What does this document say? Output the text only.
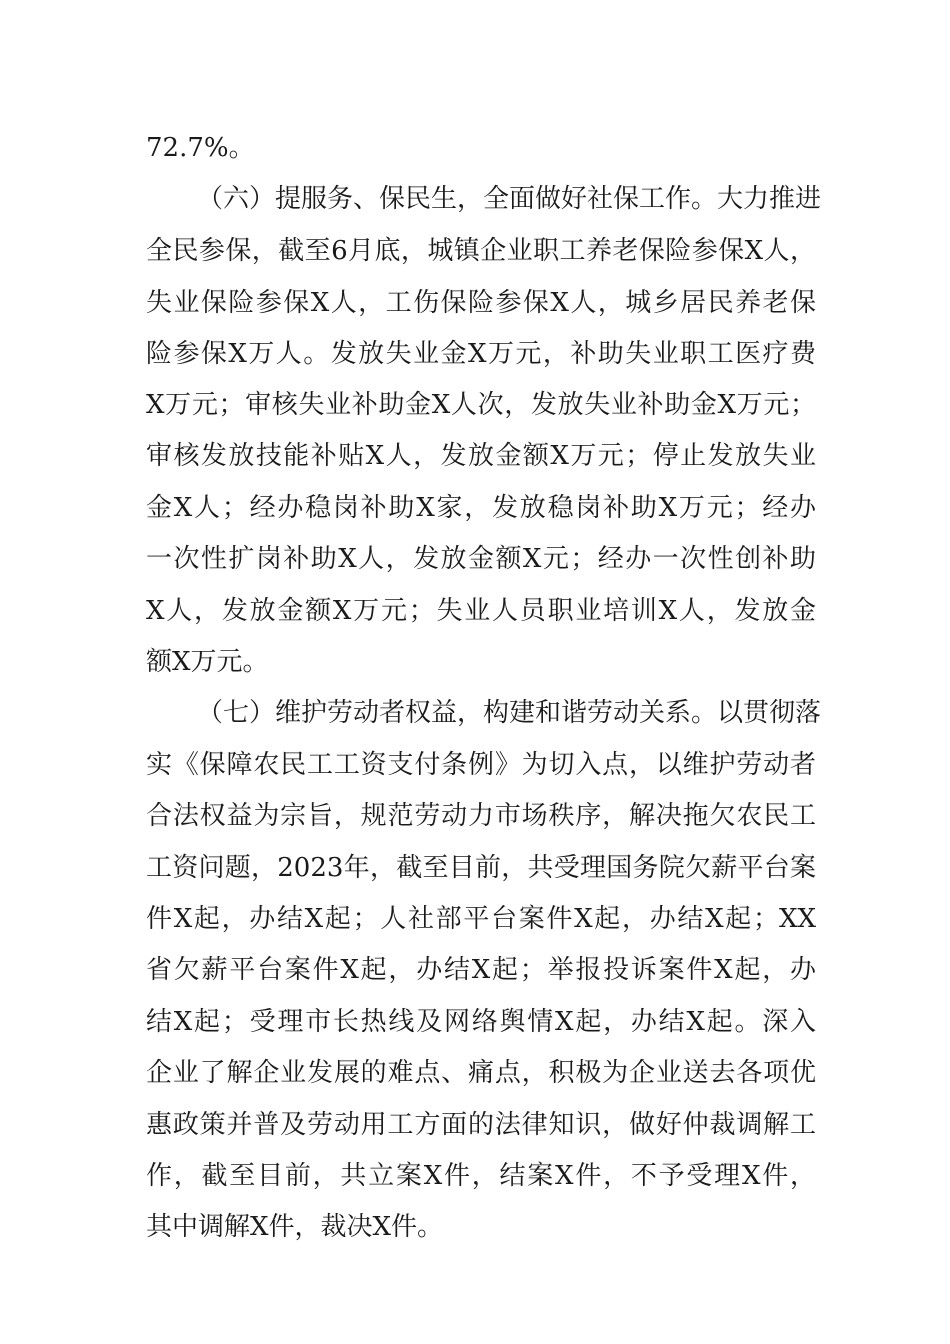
72.7%。
（六）提服务、保民生，全面做好社保工作。大力推进
全民参保，截至6月底，城镇企业职工养老保险参保X人，
失业保险参保X人，工伤保险参保X人，城乡居民养老保
险参保X万人。发放失业金X万元，补助失业职工医疗费
X万元；审核失业补助金X人次，发放失业补助金X万元；
审核发放技能补贴X人，发放金额X万元；停止发放失业
金X人；经办稳岗补助X家，发放稳岗补助X万元；经办
一次性扩岗补助X人，发放金额X元；经办一次性创补助
X人，发放金额X万元；失业人员职业培训X人，发放金
额X万元。
（七）维护劳动者权益，构建和谐劳动关系。以贯彻落
实《保障农民工工资支付条例》为切入点，以维护劳动者
合法权益为宗旨，规范劳动力市场秩序，解决拖欠农民工
工资问题，2023年，截至目前，共受理国务院欠薪平台案
件X起，办结X起；人社部平台案件X起，办结X起；XX
省欠薪平台案件X起，办结X起；举报投诉案件X起，办
结X起；受理市长热线及网络舆情X起，办结X起。深入
企业了解企业发展的难点、痛点，积极为企业送去各项优
惠政策并普及劳动用工方面的法律知识，做好仲裁调解工
作，截至目前，共立案X件，结案X件，不予受理X件，
其中调解X件，裁决X件。
